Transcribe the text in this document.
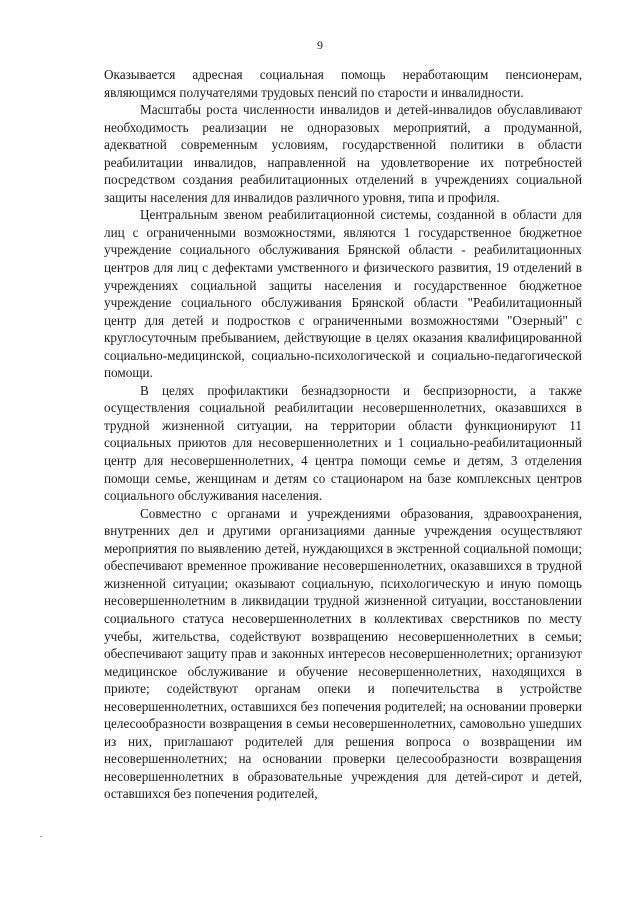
9

Оказывается адресная социальная помощь неработающим пенсионерам, являющимся получателями трудовых пенсий по старости и инвалидности.

Масштабы роста численности инвалидов и детей-инвалидов обуславливают необходимость реализации не одноразовых мероприятий, а продуманной, адекватной современным условиям, государственной политики в области реабилитации инвалидов, направленной на удовлетворение их потребностей посредством создания реабилитационных отделений в учреждениях социальной защиты населения для инвалидов различного уровня, типа и профиля.

Центральным звеном реабилитационной системы, созданной в области для лиц с ограниченными возможностями, являются 1 государственное бюджетное учреждение социального обслуживания Брянской области - реабилитационных центров для лиц с дефектами умственного и физического развития, 19 отделений в учреждениях социальной защиты населения и государственное бюджетное учреждение социального обслуживания Брянской области "Реабилитационный центр для детей и подростков с ограниченными возможностями "Озерный" с круглосуточным пребыванием, действующие в целях оказания квалифицированной социально-медицинской, социально-психологической и социально-педагогической помощи.

В целях профилактики безнадзорности и беспризорности, а также осуществления социальной реабилитации несовершеннолетних, оказавшихся в трудной жизненной ситуации, на территории области функционируют 11 социальных приютов для несовершеннолетних и 1 социально-реабилитационный центр для несовершеннолетних, 4 центра помощи семье и детям, 3 отделения помощи семье, женщинам и детям со стационаром на базе комплексных центров социального обслуживания населения.

Совместно с органами и учреждениями образования, здравоохранения, внутренних дел и другими организациями данные учреждения осуществляют мероприятия по выявлению детей, нуждающихся в экстренной социальной помощи; обеспечивают временное проживание несовершеннолетних, оказавшихся в трудной жизненной ситуации; оказывают социальную, психологическую и иную помощь несовершеннолетним в ликвидации трудной жизненной ситуации, восстановлении социального статуса несовершеннолетних в коллективах сверстников по месту учебы, жительства, содействуют возвращению несовершеннолетних в семьи; обеспечивают защиту прав и законных интересов несовершеннолетних; организуют медицинское обслуживание и обучение несовершеннолетних, находящихся в приюте; содействуют органам опеки и попечительства в устройстве несовершеннолетних, оставшихся без попечения родителей; на основании проверки целесообразности возвращения в семьи несовершеннолетних, самовольно ушедших из них, приглашают родителей для решения вопроса о возвращении им несовершеннолетних; на основании проверки целесообразности возвращения несовершеннолетних в образовательные учреждения для детей-сирот и детей, оставшихся без попечения родителей,
